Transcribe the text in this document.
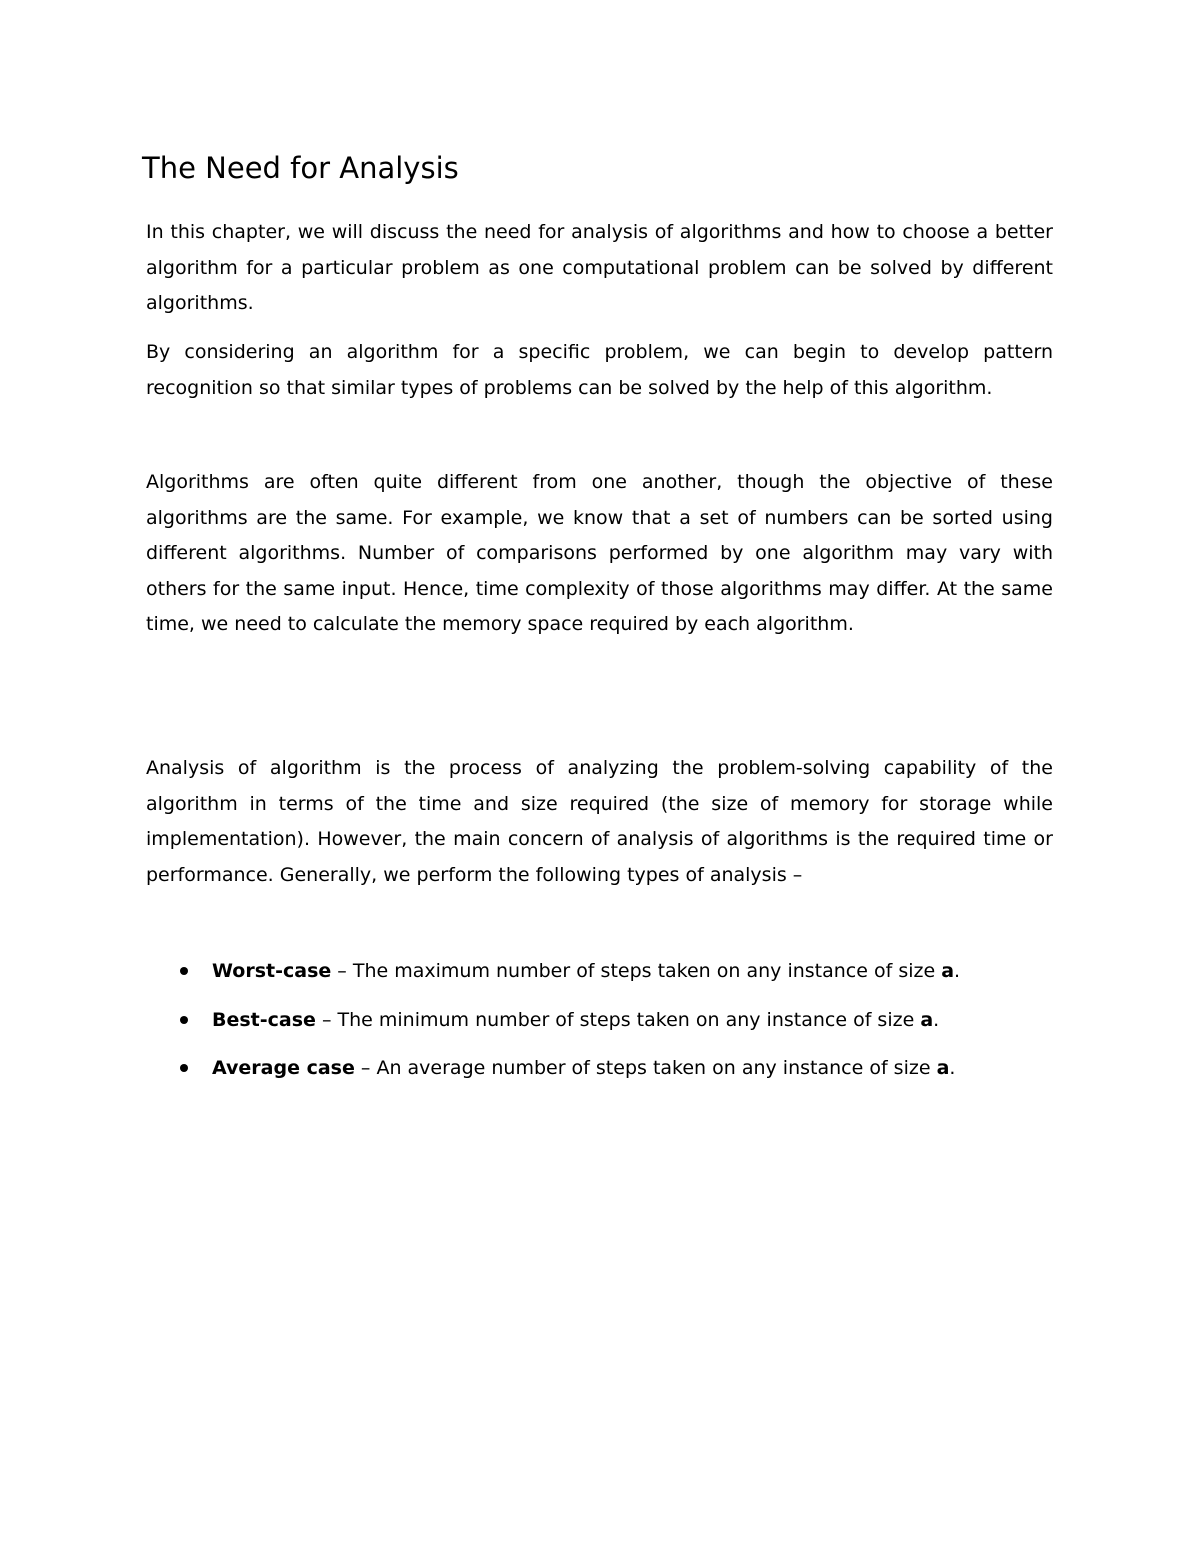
The Need for Analysis

In this chapter, we will discuss the need for analysis of algorithms and how to choose a better algorithm for a particular problem as one computational problem can be solved by different algorithms.

By considering an algorithm for a specific problem, we can begin to develop pattern recognition so that similar types of problems can be solved by the help of this algorithm.

Algorithms are often quite different from one another, though the objective of these algorithms are the same. For example, we know that a set of numbers can be sorted using different algorithms. Number of comparisons performed by one algorithm may vary with others for the same input. Hence, time complexity of those algorithms may differ. At the same time, we need to calculate the memory space required by each algorithm.

Analysis of algorithm is the process of analyzing the problem-solving capability of the algorithm in terms of the time and size required (the size of memory for storage while implementation). However, the main concern of analysis of algorithms is the required time or performance. Generally, we perform the following types of analysis –

Worst-case – The maximum number of steps taken on any instance of size a.
Best-case – The minimum number of steps taken on any instance of size a.
Average case – An average number of steps taken on any instance of size a.
